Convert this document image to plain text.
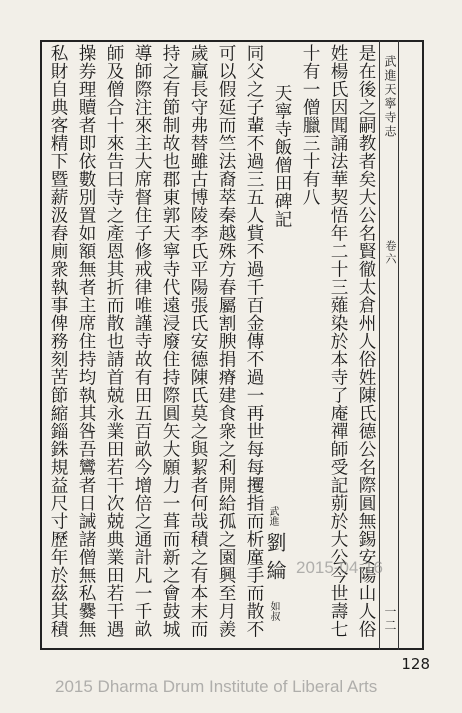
武進天寧寺志
卷六
一二
是在後之嗣教者矣大公名賢徹太倉州人俗姓陳氏德公名際圓無錫安陽山人俗
姓楊氏因聞誦法華契悟年二十三薙染於本寺了庵禪師受記莂於大公今世壽七
十有一僧臘三十有八
天寧寺飯僧田碑記
武進
劉綸
如叔
同父之子輩不過三五人貲不過千百金傳不過一再世每每攫指而析廑手而散不
可以假延而竺法裔萃秦越殊方春屬割腴捐瘠建食衆之利開給孤之園興至月羨
歲贏長守弗替雖古博陵李氏平陽張氏安德陳氏莫之與絜者何哉積之有本末而
持之有節制故也郡東郭天寧寺代遠浸廢住持際圓矢大願力一葺而新之會鼓城
導師際注來主大席督住子修戒律唯謹寺故有田五百畝今增倍之通計凡一千畝
師及僧合十來告曰寺之產恩其折而散也請首兢永業田若干次兢典業田若干遇
操券理贖者即依數別置如額無者主席住持均執其咎吾鸞者日誡諸僧無私爨無
私財自典客精下暨薪汲舂廁衆執事俾務刻苦節縮錙銖規益尺寸歷年於茲其積	2015-04-16
128
2015 Dharma Drum Institute of Liberal Arts
